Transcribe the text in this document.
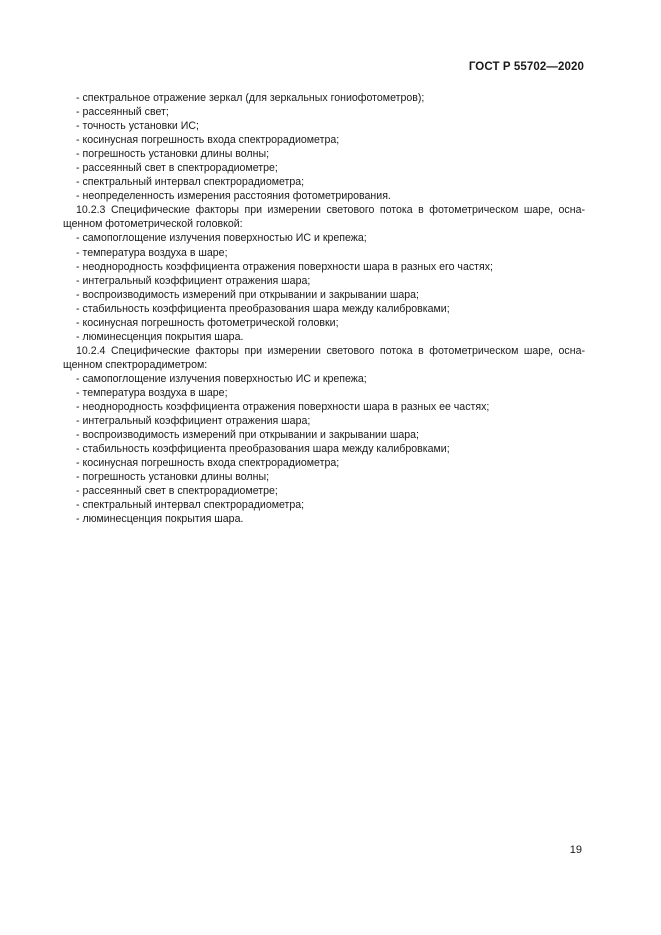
ГОСТ Р 55702—2020
- спектральное отражение зеркал (для зеркальных гониофотометров);
- рассеянный свет;
- точность установки ИС;
- косинусная погрешность входа спектрорадиометра;
- погрешность установки длины волны;
- рассеянный свет в спектрорадиометре;
- спектральный интервал спектрорадиометра;
- неопределенность измерения расстояния фотометрирования.
10.2.3 Специфические факторы при измерении светового потока в фотометрическом шаре, осна-
щенном фотометрической головкой:
- самопоглощение излучения поверхностью ИС и крепежа;
- температура воздуха в шаре;
- неоднородность коэффициента отражения поверхности шара в разных его частях;
- интегральный коэффициент отражения шара;
- воспроизводимость измерений при открывании и закрывании шара;
- стабильность коэффициента преобразования шара между калибровками;
- косинусная погрешность фотометрической головки;
- люминесценция покрытия шара.
10.2.4 Специфические факторы при измерении светового потока в фотометрическом шаре, осна-
щенном спектрорадиметром:
- самопоглощение излучения поверхностью ИС и крепежа;
- температура воздуха в шаре;
- неоднородность коэффициента отражения поверхности шара в разных ее частях;
- интегральный коэффициент отражения шара;
- воспроизводимость измерений при открывании и закрывании шара;
- стабильность коэффициента преобразования шара между калибровками;
- косинусная погрешность входа спектрорадиометра;
- погрешность установки длины волны;
- рассеянный свет в спектрорадиометре;
- спектральный интервал спектрорадиометра;
- люминесценция покрытия шара.
19
